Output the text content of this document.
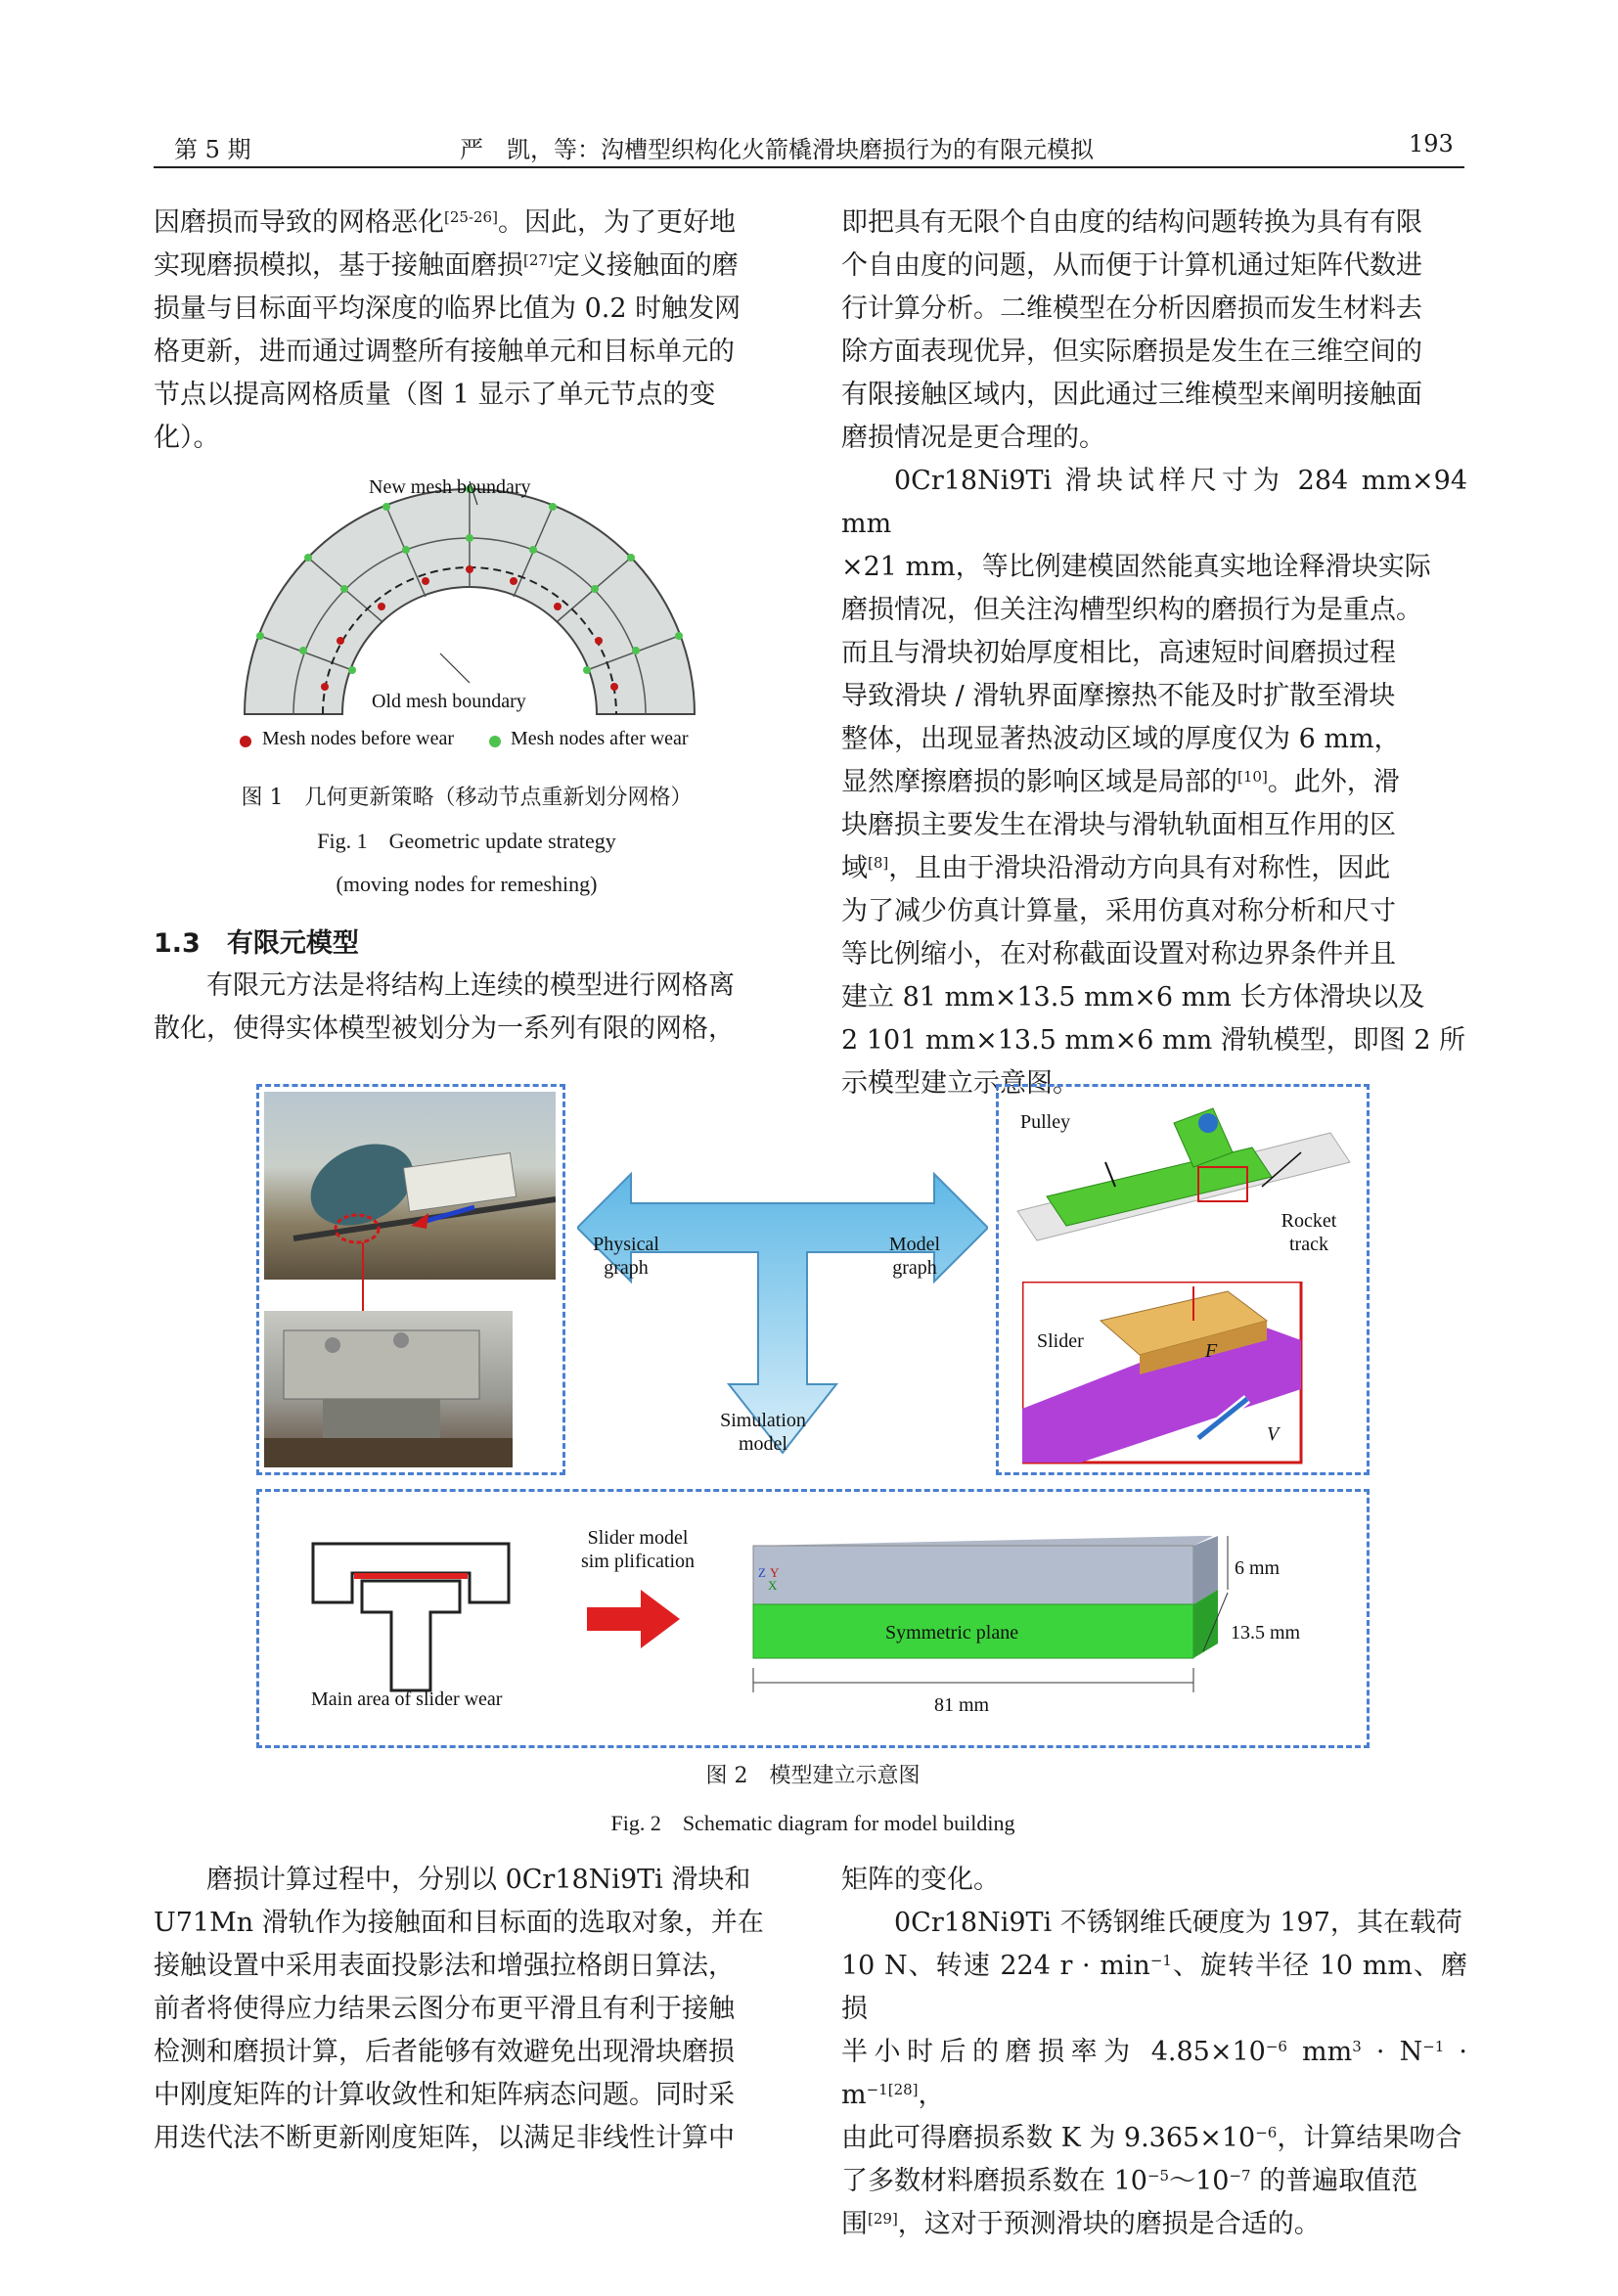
第 5 期	严　凯，等：沟槽型织构化火箭橇滑块磨损行为的有限元模拟	193

因磨损而导致的网格恶化[25-26]。因此，为了更好地

实现磨损模拟，基于接触面磨损[27]定义接触面的磨

损量与目标面平均深度的临界比值为 0.2 时触发网

格更新，进而通过调整所有接触单元和目标单元的

节点以提高网格质量（图 1 显示了单元节点的变

化）。

New mesh boundary
Old mesh boundary
Mesh nodes before wear	Mesh nodes after wear
图 1　几何更新策略（移动节点重新划分网格）
Fig. 1　Geometric update strategy
(moving nodes for remeshing)
1.3　有限元模型

有限元方法是将结构上连续的模型进行网格离

散化，使得实体模型被划分为一系列有限的网格，

即把具有无限个自由度的结构问题转换为具有有限

个自由度的问题，从而便于计算机通过矩阵代数进

行计算分析。二维模型在分析因磨损而发生材料去

除方面表现优异，但实际磨损是发生在三维空间的

有限接触区域内，因此通过三维模型来阐明接触面

磨损情况是更合理的。

0Cr18Ni9Ti 滑块试样尺寸为 284 mm×94 mm

×21 mm，等比例建模固然能真实地诠释滑块实际

磨损情况，但关注沟槽型织构的磨损行为是重点。

而且与滑块初始厚度相比，高速短时间磨损过程

导致滑块 / 滑轨界面摩擦热不能及时扩散至滑块

整体，出现显著热波动区域的厚度仅为 6 mm，

显然摩擦磨损的影响区域是局部的[10]。此外，滑

块磨损主要发生在滑块与滑轨轨面相互作用的区

域[8]，且由于滑块沿滑动方向具有对称性，因此

为了减少仿真计算量，采用仿真对称分析和尺寸

等比例缩小，在对称截面设置对称边界条件并且

建立 81 mm×13.5 mm×6 mm 长方体滑块以及

2 101 mm×13.5 mm×6 mm 滑轨模型，即图 2 所

示模型建立示意图。

Physical
graph
Model
graph
Simulation
model
Pulley
Rocket
track
Slider	F
V
Main area of slider wear
Slider model
sim plification
Z Y
X
Symmetric plane
6 mm
13.5 mm
81 mm
图 2　模型建立示意图
Fig. 2　Schematic diagram for model building

磨损计算过程中，分别以 0Cr18Ni9Ti 滑块和

U71Mn 滑轨作为接触面和目标面的选取对象，并在

接触设置中采用表面投影法和增强拉格朗日算法，

前者将使得应力结果云图分布更平滑且有利于接触

检测和磨损计算，后者能够有效避免出现滑块磨损

中刚度矩阵的计算收敛性和矩阵病态问题。同时采

用迭代法不断更新刚度矩阵，以满足非线性计算中

矩阵的变化。

0Cr18Ni9Ti 不锈钢维氏硬度为 197，其在载荷

10 N、转速 224 $r \cdot \min^{-1}$、旋转半径 10 mm、磨损

半小时后的磨损率为 $4.85\times 10^{-6}$ $mm^3 \cdot N^{-1} \cdot m^{-1[28]}$，

由此可得磨损系数 K 为 $9.365\times 10^{-6}$，计算结果吻合

了多数材料磨损系数在 $10^{-5}\sim 10^{-7}$ 的普遍取值范

围[29]，这对于预测滑块的磨损是合适的。
